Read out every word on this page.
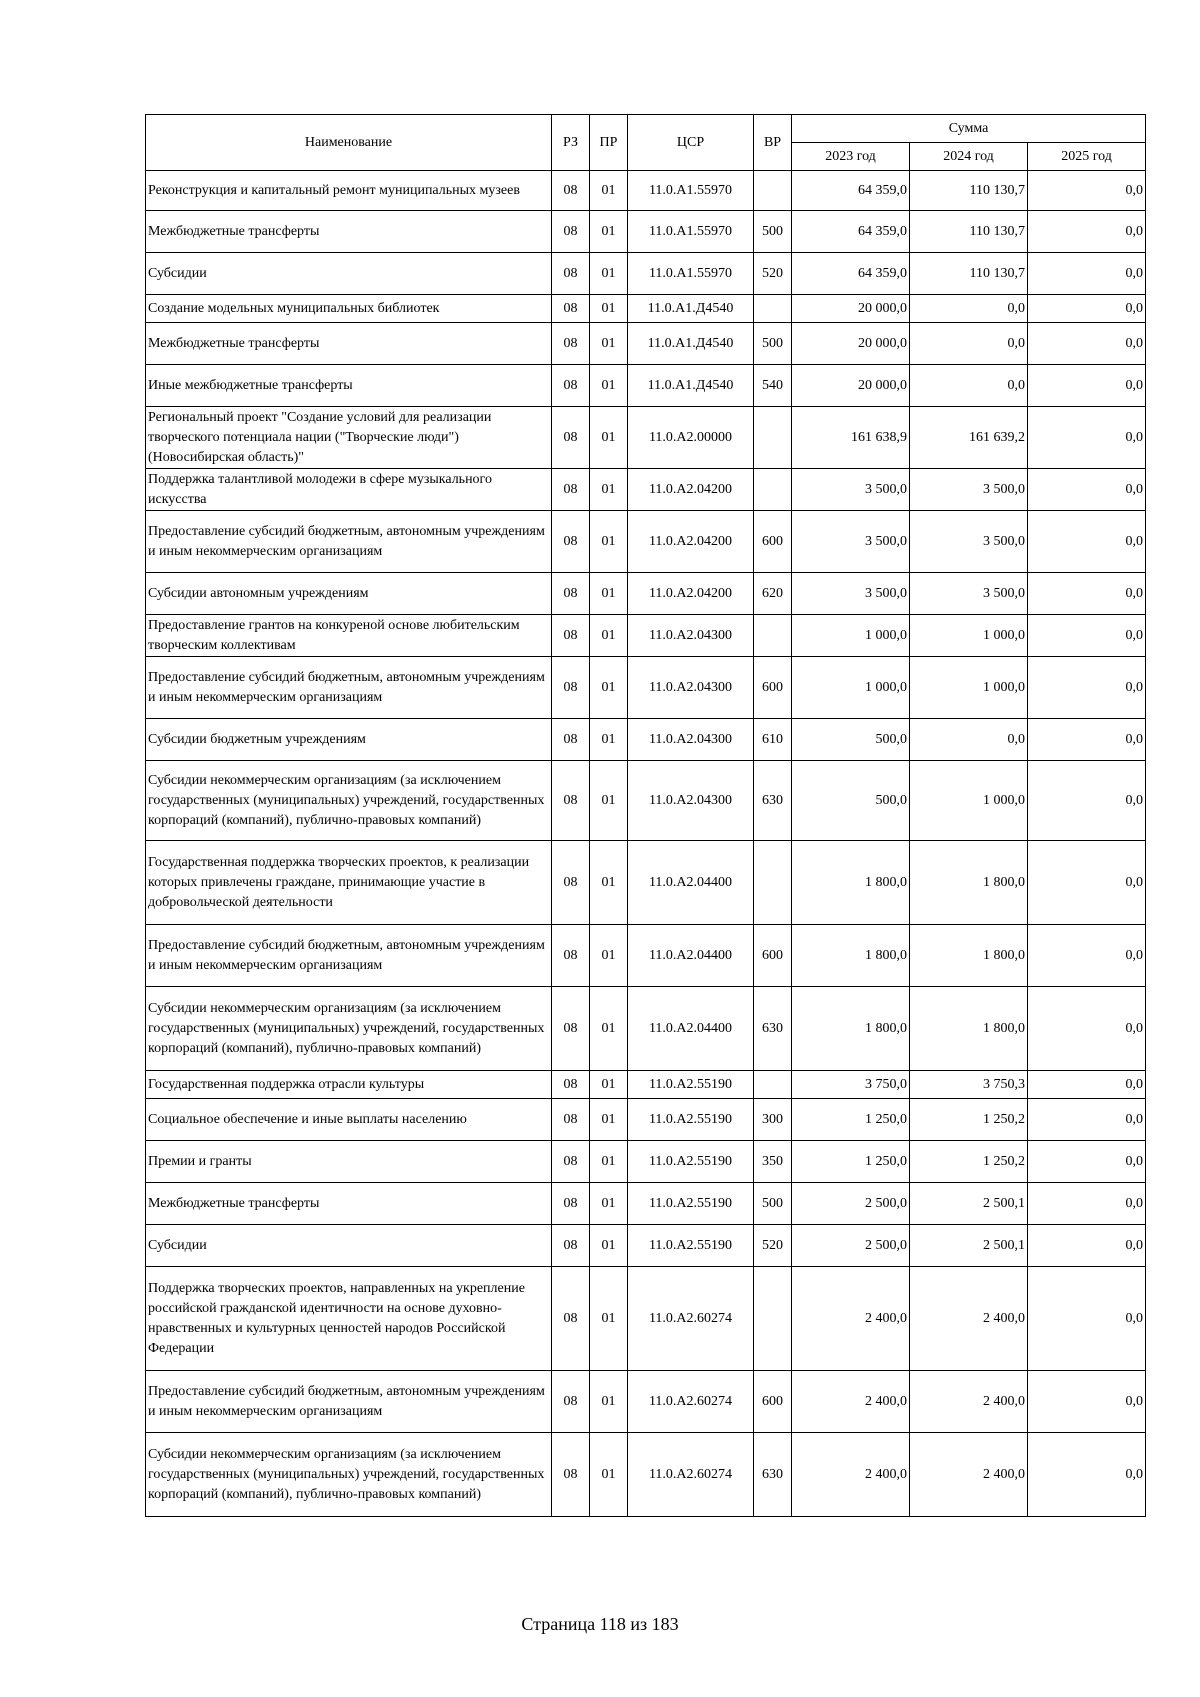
Наименование	РЗ	ПР	ЦСР	ВР	Сумма		
					2023 год	2024 год	2025 год
Реконструкция и капитальный ремонт муниципальных музеев	08	01	11.0.А1.55970		64 359,0	110 130,7	0,0
Межбюджетные трансферты	08	01	11.0.А1.55970	500	64 359,0	110 130,7	0,0
Субсидии	08	01	11.0.А1.55970	520	64 359,0	110 130,7	0,0
Создание модельных муниципальных библиотек	08	01	11.0.А1.Д4540		20 000,0	0,0	0,0
Межбюджетные трансферты	08	01	11.0.А1.Д4540	500	20 000,0	0,0	0,0
Иные межбюджетные трансферты	08	01	11.0.А1.Д4540	540	20 000,0	0,0	0,0
Региональный проект "Создание условий для реализации творческого потенциала нации ("Творческие люди") (Новосибирская область)"	08	01	11.0.А2.00000		161 638,9	161 639,2	0,0
Поддержка талантливой молодежи в сфере музыкального искусства	08	01	11.0.А2.04200		3 500,0	3 500,0	0,0
Предоставление субсидий бюджетным, автономным учреждениям и иным некоммерческим организациям	08	01	11.0.А2.04200	600	3 500,0	3 500,0	0,0
Субсидии автономным учреждениям	08	01	11.0.А2.04200	620	3 500,0	3 500,0	0,0
Предоставление грантов на конкуреной основе любительским творческим коллективам	08	01	11.0.А2.04300		1 000,0	1 000,0	0,0
Предоставление субсидий бюджетным, автономным учреждениям и иным некоммерческим организациям	08	01	11.0.А2.04300	600	1 000,0	1 000,0	0,0
Субсидии бюджетным учреждениям	08	01	11.0.А2.04300	610	500,0	0,0	0,0
Субсидии некоммерческим организациям (за исключением государственных (муниципальных) учреждений, государственных корпораций (компаний), публично-правовых компаний)	08	01	11.0.А2.04300	630	500,0	1 000,0	0,0
Государственная поддержка творческих проектов, к реализации которых привлечены граждане, принимающие участие в добровольческой деятельности	08	01	11.0.А2.04400		1 800,0	1 800,0	0,0
Предоставление субсидий бюджетным, автономным учреждениям и иным некоммерческим организациям	08	01	11.0.А2.04400	600	1 800,0	1 800,0	0,0
Субсидии некоммерческим организациям (за исключением государственных (муниципальных) учреждений, государственных корпораций (компаний), публично-правовых компаний)	08	01	11.0.А2.04400	630	1 800,0	1 800,0	0,0
Государственная поддержка отрасли культуры	08	01	11.0.А2.55190		3 750,0	3 750,3	0,0
Социальное обеспечение и иные выплаты населению	08	01	11.0.А2.55190	300	1 250,0	1 250,2	0,0
Премии и гранты	08	01	11.0.А2.55190	350	1 250,0	1 250,2	0,0
Межбюджетные трансферты	08	01	11.0.А2.55190	500	2 500,0	2 500,1	0,0
Субсидии	08	01	11.0.А2.55190	520	2 500,0	2 500,1	0,0
Поддержка творческих проектов, направленных на укрепление российской гражданской идентичности на основе духовно-нравственных и культурных ценностей народов Российской Федерации	08	01	11.0.А2.60274		2 400,0	2 400,0	0,0
Предоставление субсидий бюджетным, автономным учреждениям и иным некоммерческим организациям	08	01	11.0.А2.60274	600	2 400,0	2 400,0	0,0
Субсидии некоммерческим организациям (за исключением государственных (муниципальных) учреждений, государственных корпораций (компаний), публично-правовых компаний)	08	01	11.0.А2.60274	630	2 400,0	2 400,0	0,0
Страница 118 из 183
